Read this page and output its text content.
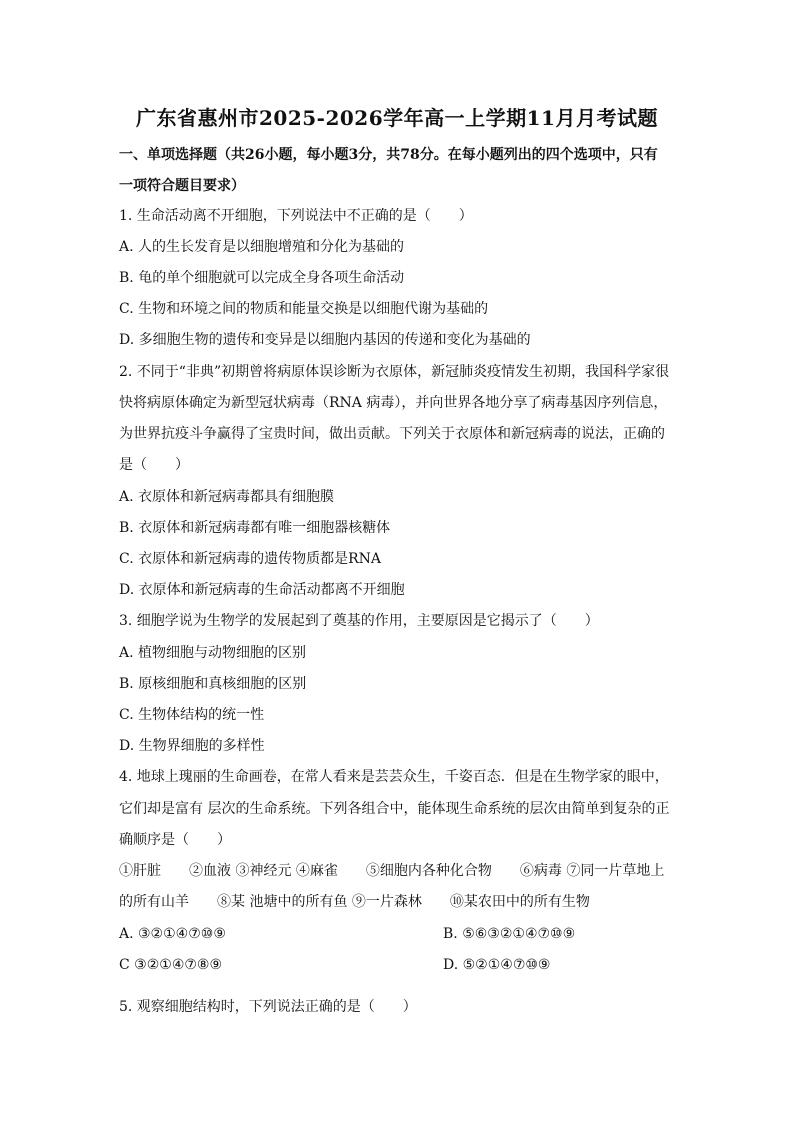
广东省惠州市2025-2026学年高一上学期11月月考试题
一、单项选择题（共26小题，每小题3分，共78分。在每小题列出的四个选项中，只有
一项符合题目要求）
1. 生命活动离不开细胞，下列说法中不正确的是（　　）
A. 人的生长发育是以细胞增殖和分化为基础的
B. 龟的单个细胞就可以完成全身各项生命活动
C. 生物和环境之间的物质和能量交换是以细胞代谢为基础的
D. 多细胞生物的遗传和变异是以细胞内基因的传递和变化为基础的
2. 不同于“非典”初期曾将病原体误诊断为衣原体，新冠肺炎疫情发生初期，我国科学家很
快将病原体确定为新型冠状病毒（RNA 病毒），并向世界各地分享了病毒基因序列信息，
为世界抗疫斗争赢得了宝贵时间，做出贡献。下列关于衣原体和新冠病毒的说法，正确的
是（　　）
A. 衣原体和新冠病毒都具有细胞膜
B. 衣原体和新冠病毒都有唯一细胞器核糖体
C. 衣原体和新冠病毒的遗传物质都是RNA
D. 衣原体和新冠病毒的生命活动都离不开细胞
3. 细胞学说为生物学的发展起到了奠基的作用，主要原因是它揭示了（　　）
A. 植物细胞与动物细胞的区别
B. 原核细胞和真核细胞的区别
C. 生物体结构的统一性
D. 生物界细胞的多样性
4. 地球上瑰丽的生命画卷，在常人看来是芸芸众生，千姿百态．但是在生物学家的眼中，
它们却是富有 层次的生命系统。下列各组合中，能体现生命系统的层次由简单到复杂的正
确顺序是（　　）
①肝脏　　②血液 ③神经元 ④麻雀　　⑤细胞内各种化合物　　⑥病毒 ⑦同一片草地上
的所有山羊　　⑧某 池塘中的所有鱼 ⑨一片森林　　⑩某农田中的所有生物
A. ③②①④⑦⑩⑨	B. ⑤⑥③②①④⑦⑩⑨
C ③②①④⑦⑧⑨	D. ⑤②①④⑦⑩⑨
5. 观察细胞结构时，下列说法正确的是（　　）
